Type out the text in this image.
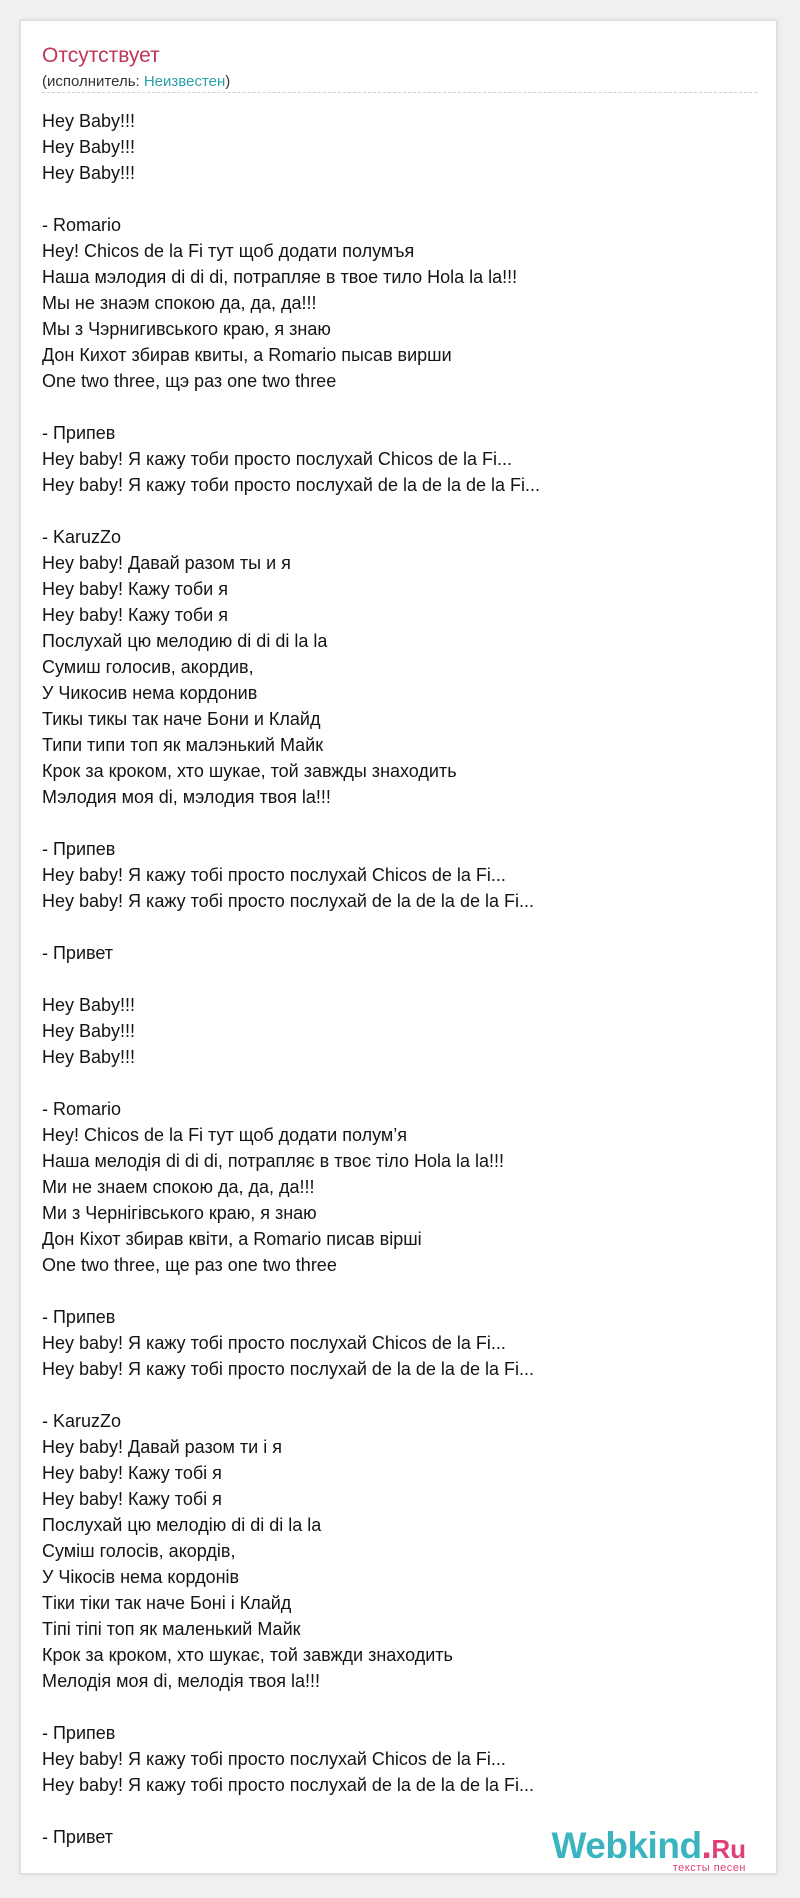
Отсутствует
(исполнитель: Неизвестен)
Hey Baby!!!
Hey Baby!!!
Hey Baby!!!
- Romario
Hey! Chicos de la Fi тут щоб додати полумъя
Наша мэлодия di di di, потрапляе в твое тило Hola la la!!!
Мы не знаэм спокою да, да, да!!!
Мы з Чэрнигивського краю, я знаю
Дон Кихот збирав квиты, а Romario пысав вирши
One two three, щэ раз one two three
- Припев
Hey baby! Я кажу тоби просто послухай Chicos de la Fi...
Hey baby! Я кажу тоби просто послухай de la de la de la Fi...
- KaruzZo
Hey baby! Давай разом ты и я
Hey baby! Кажу тоби я
Hey baby! Кажу тоби я
Послухай цю мелодию di di di la la
Сумиш голосив, акордив,
У Чикосив нема кордонив
Тикы тикы так наче Бони и Клайд
Типи типи топ як малэнький Майк
Крок за кроком, хто шукае, той завжды знаходить
Мэлодия моя di, мэлодия твоя la!!!
- Припев
Hey baby! Я кажу тобі просто послухай Chicos de la Fi...
Hey baby! Я кажу тобі просто послухай de la de la de la Fi...
- Привет
Hey Baby!!!
Hey Baby!!!
Hey Baby!!!
- Romario
Hey! Chicos de la Fi тут щоб додати полум’я
Наша мелодія di di di, потрапляє в твоє тіло Hola la la!!!
Ми не знаем спокою да, да, да!!!
Ми з Чернігівського краю, я знаю
Дон Кіхот збирав квіти, а Romario писав вірші
One two three, ще раз one two three
- Припев
Hey baby! Я кажу тобі просто послухай Chicos de la Fi...
Hey baby! Я кажу тобі просто послухай de la de la de la Fi...
- KaruzZo
Hey baby! Давай разом ти і я
Hey baby! Кажу тобі я
Hey baby! Кажу тобі я
Послухай цю мелодію di di di la la
Суміш голосів, акордів,
У Чікосів нема кордонів
Тіки тіки так наче Боні і Клайд
Тіпі тіпі топ як маленький Майк
Крок за кроком, хто шукає, той завжди знаходить
Мелодія моя di, мелодія твоя la!!!
- Припев
Hey baby! Я кажу тобі просто послухай Chicos de la Fi...
Hey baby! Я кажу тобі просто послухай de la de la de la Fi...
- Привет	Webkind.Ru
тексты песен
